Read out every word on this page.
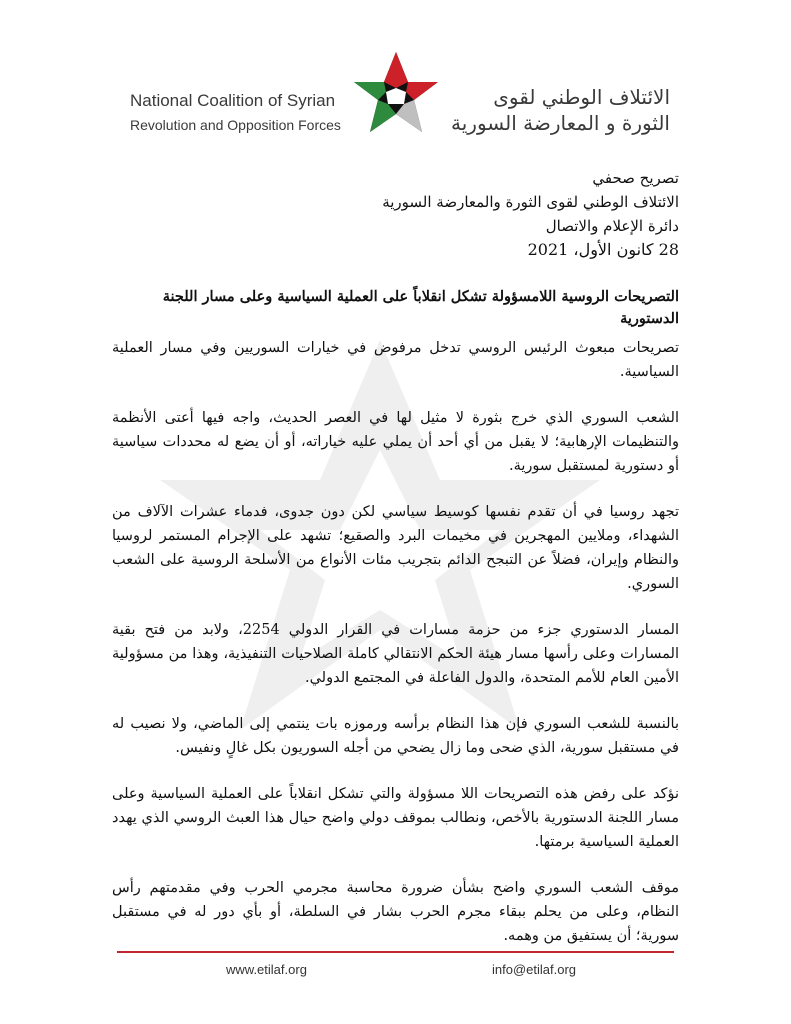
National Coalition of Syrian
Revolution and Opposition Forces
الائتلاف الوطني لقوى
الثورة و المعارضة السورية
تصريح صحفي
الائتلاف الوطني لقوى الثورة والمعارضة السورية
دائرة الإعلام والاتصال
28 كانون الأول، 2021
التصريحات الروسية اللامسؤولة تشكل انقلاباً على العملية السياسية وعلى مسار اللجنة الدستورية

تصريحات مبعوث الرئيس الروسي تدخل مرفوض في خيارات السوريين وفي مسار العملية السياسية.

الشعب السوري الذي خرج بثورة لا مثيل لها في العصر الحديث، واجه فيها أعتى الأنظمة والتنظيمات الإرهابية؛ لا يقبل من أي أحد أن يملي عليه خياراته، أو أن يضع له محددات سياسية أو دستورية لمستقبل سورية.

تجهد روسيا في أن تقدم نفسها كوسيط سياسي لكن دون جدوى، فدماء عشرات الآلاف من الشهداء، وملايين المهجرين في مخيمات البرد والصقيع؛ تشهد على الإجرام المستمر لروسيا والنظام وإيران، فضلاً عن التبجح الدائم بتجريب مئات الأنواع من الأسلحة الروسية على الشعب السوري.

المسار الدستوري جزء من حزمة مسارات في القرار الدولي 2254، ولابد من فتح بقية المسارات وعلى رأسها مسار هيئة الحكم الانتقالي كاملة الصلاحيات التنفيذية، وهذا من مسؤولية الأمين العام للأمم المتحدة، والدول الفاعلة في المجتمع الدولي.

بالنسبة للشعب السوري فإن هذا النظام برأسه ورموزه بات ينتمي إلى الماضي، ولا نصيب له في مستقبل سورية، الذي ضحى وما زال يضحي من أجله السوريون بكل غالٍ ونفيس.

نؤكد على رفض هذه التصريحات اللا مسؤولة والتي تشكل انقلاباً على العملية السياسية وعلى مسار اللجنة الدستورية بالأخص، ونطالب بموقف دولي واضح حيال هذا العبث الروسي الذي يهدد العملية السياسية برمتها.

موقف الشعب السوري واضح بشأن ضرورة محاسبة مجرمي الحرب وفي مقدمتهم رأس النظام، وعلى من يحلم ببقاء مجرم الحرب بشار في السلطة، أو بأي دور له في مستقبل سورية؛ أن يستفيق من وهمه.

www.etilaf.org	info@etilaf.org
